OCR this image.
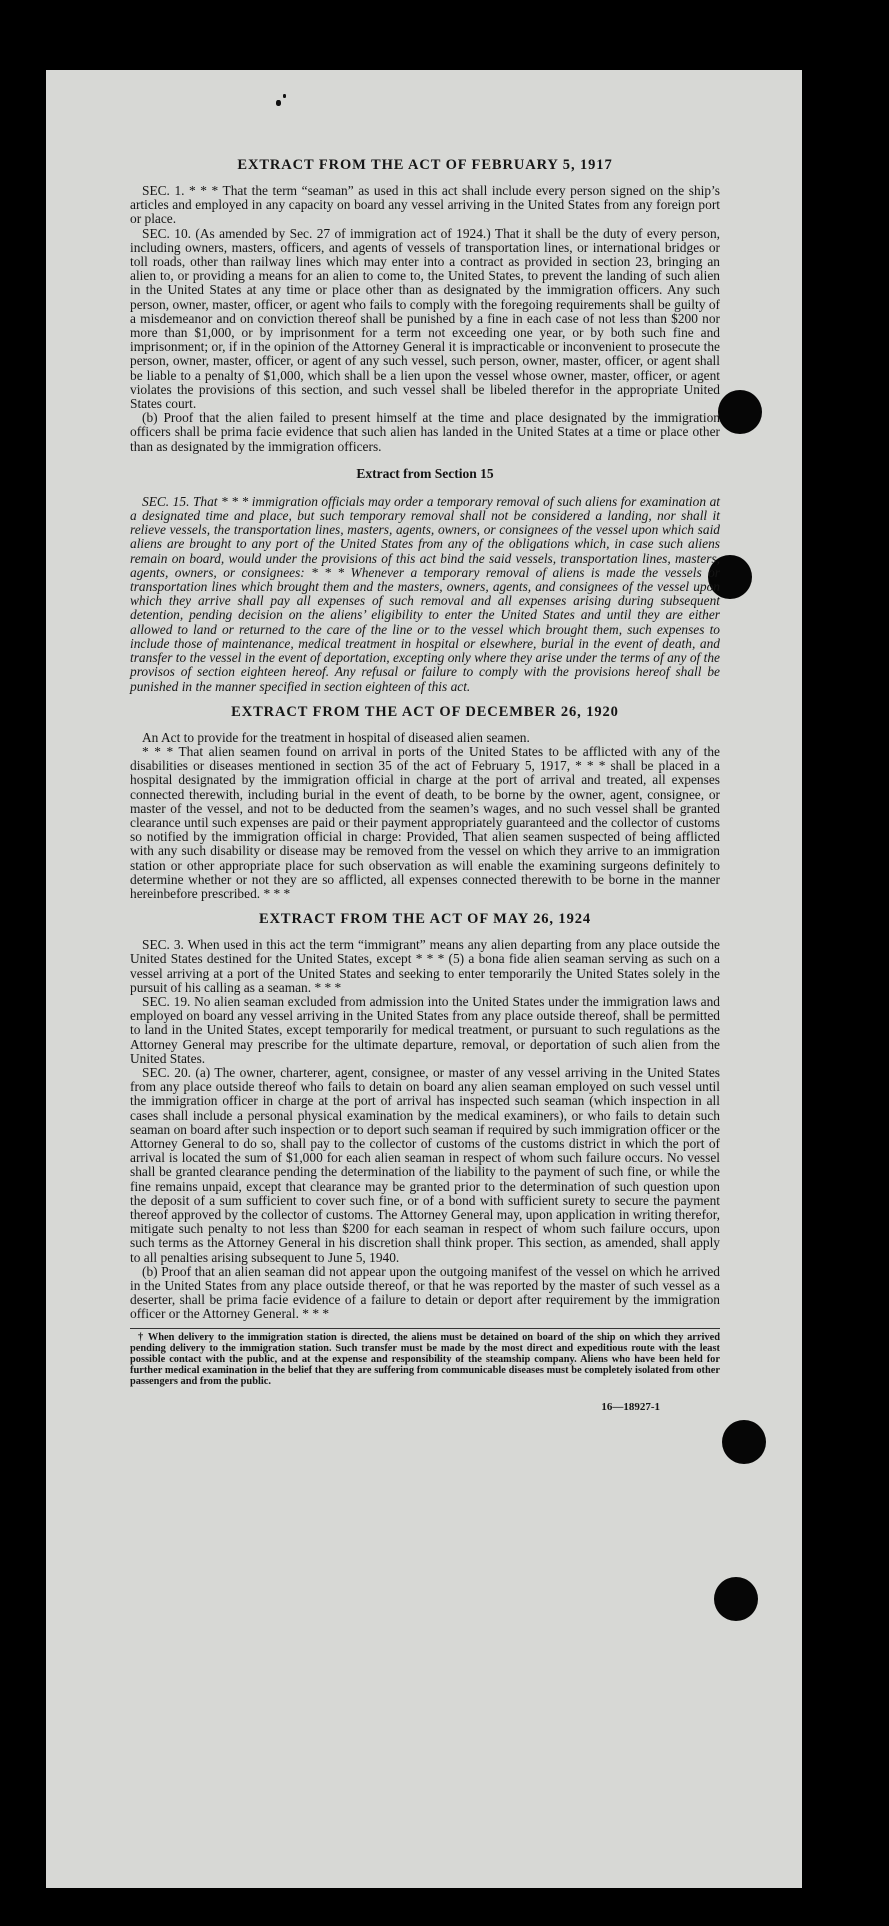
EXTRACT FROM THE ACT OF FEBRUARY 5, 1917

SEC. 1. * * * That the term “seaman” as used in this act shall include every person signed on the ship’s articles and employed in any capacity on board any vessel arriving in the United States from any foreign port or place.

SEC. 10. (As amended by Sec. 27 of immigration act of 1924.) That it shall be the duty of every person, including owners, masters, officers, and agents of vessels of transportation lines, or international bridges or toll roads, other than railway lines which may enter into a contract as provided in section 23, bringing an alien to, or providing a means for an alien to come to, the United States, to prevent the landing of such alien in the United States at any time or place other than as designated by the immigration officers. Any such person, owner, master, officer, or agent who fails to comply with the foregoing requirements shall be guilty of a misdemeanor and on conviction thereof shall be punished by a fine in each case of not less than $200 nor more than $1,000, or by imprisonment for a term not exceeding one year, or by both such fine and imprisonment; or, if in the opinion of the Attorney General it is impracticable or inconvenient to prosecute the person, owner, master, officer, or agent of any such vessel, such person, owner, master, officer, or agent shall be liable to a penalty of $1,000, which shall be a lien upon the vessel whose owner, master, officer, or agent violates the provisions of this section, and such vessel shall be libeled therefor in the appropriate United States court.

(b) Proof that the alien failed to present himself at the time and place designated by the immigration officers shall be prima facie evidence that such alien has landed in the United States at a time or place other than as designated by the immigration officers.

Extract from Section 15

SEC. 15. That * * * immigration officials may order a temporary removal of such aliens for examination at a designated time and place, but such temporary removal shall not be considered a landing, nor shall it relieve vessels, the transportation lines, masters, agents, owners, or consignees of the vessel upon which said aliens are brought to any port of the United States from any of the obligations which, in case such aliens remain on board, would under the provisions of this act bind the said vessels, transportation lines, masters, agents, owners, or consignees: * * * Whenever a temporary removal of aliens is made the vessels or transportation lines which brought them and the masters, owners, agents, and consignees of the vessel upon which they arrive shall pay all expenses of such removal and all expenses arising during subsequent detention, pending decision on the aliens’ eligibility to enter the United States and until they are either allowed to land or returned to the care of the line or to the vessel which brought them, such expenses to include those of maintenance, medical treatment in hospital or elsewhere, burial in the event of death, and transfer to the vessel in the event of deportation, excepting only where they arise under the terms of any of the provisos of section eighteen hereof. Any refusal or failure to comply with the provisions hereof shall be punished in the manner specified in section eighteen of this act.

EXTRACT FROM THE ACT OF DECEMBER 26, 1920

An Act to provide for the treatment in hospital of diseased alien seamen.

* * * That alien seamen found on arrival in ports of the United States to be afflicted with any of the disabilities or diseases mentioned in section 35 of the act of February 5, 1917, * * * shall be placed in a hospital designated by the immigration official in charge at the port of arrival and treated, all expenses connected therewith, including burial in the event of death, to be borne by the owner, agent, consignee, or master of the vessel, and not to be deducted from the seamen’s wages, and no such vessel shall be granted clearance until such expenses are paid or their payment appropriately guaranteed and the collector of customs so notified by the immigration official in charge: Provided, That alien seamen suspected of being afflicted with any such disability or disease may be removed from the vessel on which they arrive to an immigration station or other appropriate place for such observation as will enable the examining surgeons definitely to determine whether or not they are so afflicted, all expenses connected therewith to be borne in the manner hereinbefore prescribed. * * *

EXTRACT FROM THE ACT OF MAY 26, 1924

SEC. 3. When used in this act the term “immigrant” means any alien departing from any place outside the United States destined for the United States, except * * * (5) a bona fide alien seaman serving as such on a vessel arriving at a port of the United States and seeking to enter temporarily the United States solely in the pursuit of his calling as a seaman. * * *

SEC. 19. No alien seaman excluded from admission into the United States under the immigration laws and employed on board any vessel arriving in the United States from any place outside thereof, shall be permitted to land in the United States, except temporarily for medical treatment, or pursuant to such regulations as the Attorney General may prescribe for the ultimate departure, removal, or deportation of such alien from the United States.

SEC. 20. (a) The owner, charterer, agent, consignee, or master of any vessel arriving in the United States from any place outside thereof who fails to detain on board any alien seaman employed on such vessel until the immigration officer in charge at the port of arrival has inspected such seaman (which inspection in all cases shall include a personal physical examination by the medical examiners), or who fails to detain such seaman on board after such inspection or to deport such seaman if required by such immigration officer or the Attorney General to do so, shall pay to the collector of customs of the customs district in which the port of arrival is located the sum of $1,000 for each alien seaman in respect of whom such failure occurs. No vessel shall be granted clearance pending the determination of the liability to the payment of such fine, or while the fine remains unpaid, except that clearance may be granted prior to the determination of such question upon the deposit of a sum sufficient to cover such fine, or of a bond with sufficient surety to secure the payment thereof approved by the collector of customs. The Attorney General may, upon application in writing therefor, mitigate such penalty to not less than $200 for each seaman in respect of whom such failure occurs, upon such terms as the Attorney General in his discretion shall think proper. This section, as amended, shall apply to all penalties arising subsequent to June 5, 1940.

(b) Proof that an alien seaman did not appear upon the outgoing manifest of the vessel on which he arrived in the United States from any place outside thereof, or that he was reported by the master of such vessel as a deserter, shall be prima facie evidence of a failure to detain or deport after requirement by the immigration officer or the Attorney General. * * *

† When delivery to the immigration station is directed, the aliens must be detained on board of the ship on which they arrived pending delivery to the immigration station. Such transfer must be made by the most direct and expeditious route with the least possible contact with the public, and at the expense and responsibility of the steamship company. Aliens who have been held for further medical examination in the belief that they are suffering from communicable diseases must be completely isolated from other passengers and from the public.

16—18927-1
